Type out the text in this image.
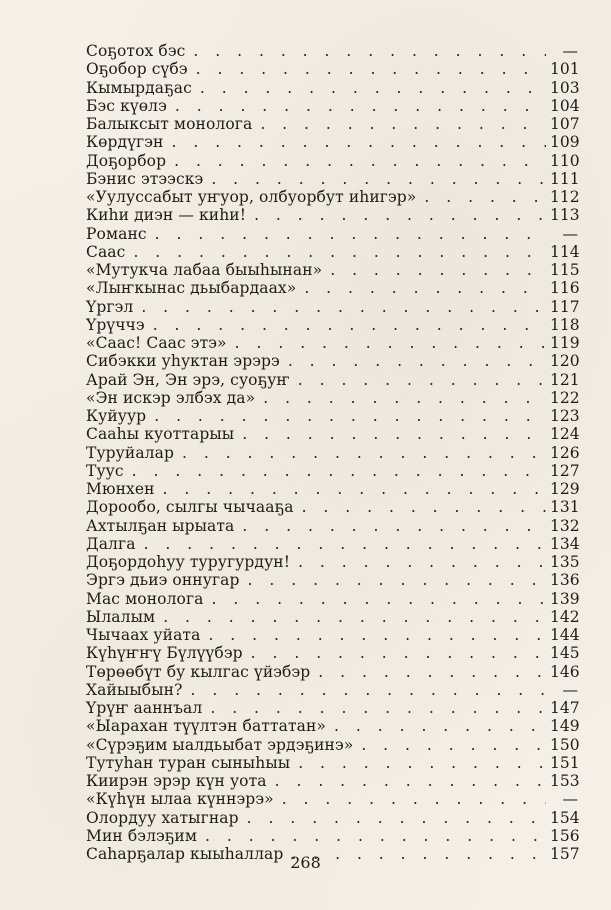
Соҕотох бэс . . .	—
Оҕобор сүбэ . . .	101
Кымырдаҕас . . .	103
Бэс күөлэ . . .	104
Балыксыт монолога . . .	107
Көрдүгэн . . .	109
Доҕорбор . . .	110
Бэнис этээскэ . . .	111
«Уулуссабыт уҥуор, олбуорбут иһигэр» . . .	112
Киһи диэн — киһи! . . .	113
Романс . . .	—
Саас . . .	114
«Мутукча лабаа быыһынан» . . .	115
«Лыҥкынас дьыбардаах» . . .	116
Үргэл . . .	117
Үрүччэ . . .	118
«Саас! Саас этэ» . . .	119
Сибэкки уһуктан эрэрэ . . .	120
Арай Эн, Эн эрэ, суоҕуҥ . . .	121
«Эн искэр элбэх да» . . .	122
Куйуур . . .	123
Сааһы куоттарыы . . .	124
Туруйалар . . .	126
Туус . . .	127
Мюнхен . . .	129
Дорообо, сылгы чычааҕа . . .	131
Ахтылҕан ырыата . . .	132
Далга . . .	134
Доҕордоһуу туругурдун! . . .	135
Эргэ дьиэ оннугар . . .	136
Мас монолога . . .	139
Ылалым . . .	142
Чычаах уйата . . .	144
Күһүҥҥү Бүлүүбэр . . .	145
Төрөөбүт бу кылгас үйэбэр . . .	146
Хайыыбын? . . .	—
Үрүҥ ааннъал . . .	147
«Ыарахан түүлтэн баттатан» . . .	149
«Сүрэҕим ыалдьыбат эрдэҕинэ» . . .	150
Тутуһан туран сыныһыы . . .	151
Киирэн эрэр күн уота . . .	153
«Күһүн ылаа күннэрэ» . . .	—
Олордуу хатыгнар . . .	154
Мин бэлэҕим . . .	156
Саһарҕалар кыыһаллар . . .	157
268
